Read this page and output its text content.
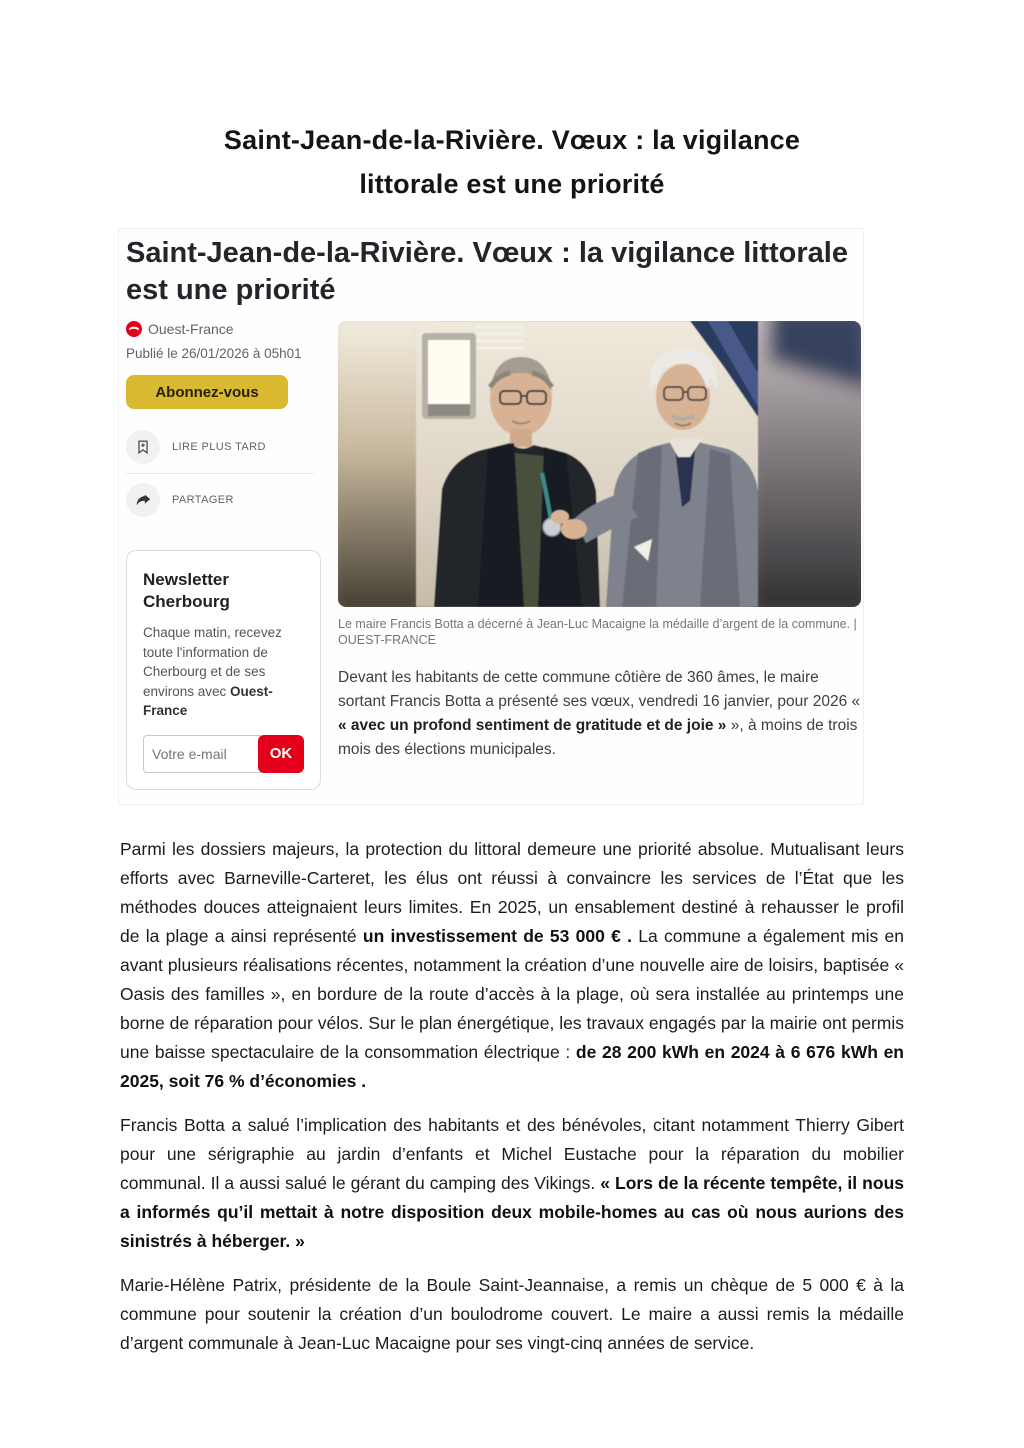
Saint-Jean-de-la-Rivière. Vœux : la vigilance
littorale est une priorité
Saint-Jean-de-la-Rivière. Vœux : la vigilance littorale est une priorité
Ouest-France
Publié le 26/01/2026 à 05h01
Abonnez-vous
LIRE PLUS TARD
PARTAGER
Newsletter Cherbourg

Chaque matin, recevez toute l'information de Cherbourg et de ses environs avec Ouest-France

Votre e-mail
OK
Le maire Francis Botta a décerné à Jean-Luc Macaigne la médaille d’argent de la commune. | OUEST-FRANCE

Devant les habitants de cette commune côtière de 360 âmes, le maire sortant Francis Botta a présenté ses vœux, vendredi 16 janvier, pour 2026 « « avec un profond sentiment de gratitude et de joie » », à moins de trois mois des élections municipales.

Parmi les dossiers majeurs, la protection du littoral demeure une priorité absolue. Mutualisant leurs efforts avec Barneville-Carteret, les élus ont réussi à convaincre les services de l’État que les méthodes douces atteignaient leurs limites. En 2025, un ensablement destiné à rehausser le profil de la plage a ainsi représenté un investissement de 53 000 € . La commune a également mis en avant plusieurs réalisations récentes, notamment la création d’une nouvelle aire de loisirs, baptisée « Oasis des familles », en bordure de la route d’accès à la plage, où sera installée au printemps une borne de réparation pour vélos. Sur le plan énergétique, les travaux engagés par la mairie ont permis une baisse spectaculaire de la consommation électrique : de 28 200 kWh en 2024 à 6 676 kWh en 2025, soit 76 % d’économies .

Francis Botta a salué l’implication des habitants et des bénévoles, citant notamment Thierry Gibert pour une sérigraphie au jardin d’enfants et Michel Eustache pour la réparation du mobilier communal. Il a aussi salué le gérant du camping des Vikings. « Lors de la récente tempête, il nous a informés qu’il mettait à notre disposition deux mobile-homes au cas où nous aurions des sinistrés à héberger. »

Marie-Hélène Patrix, présidente de la Boule Saint-Jeannaise, a remis un chèque de 5 000 € à la commune pour soutenir la création d’un boulodrome couvert. Le maire a aussi remis la médaille d’argent communale à Jean-Luc Macaigne pour ses vingt-cinq années de service.
